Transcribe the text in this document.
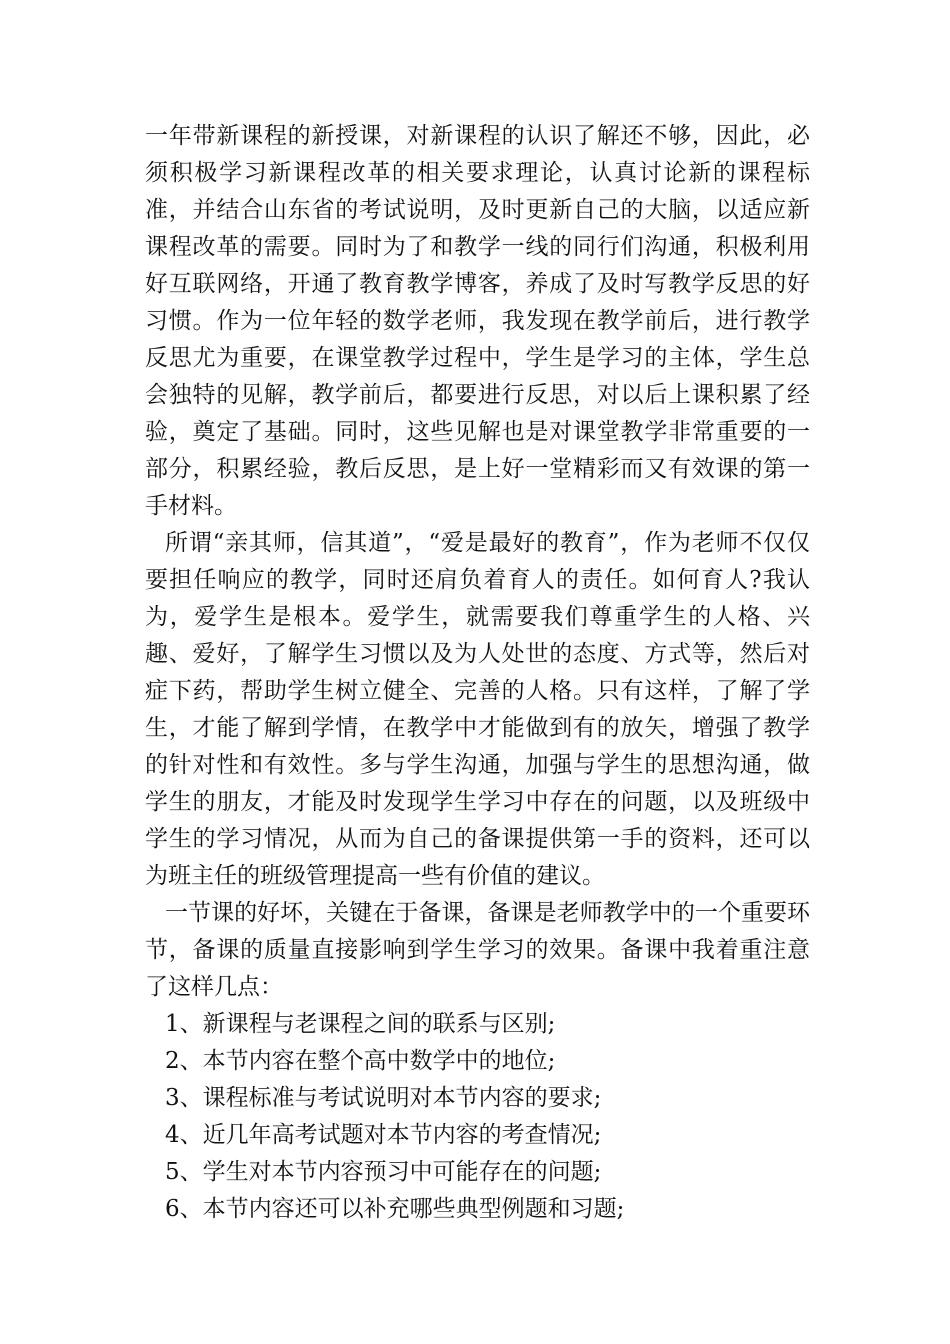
一年带新课程的新授课，对新课程的认识了解还不够，因此，必须积极学习新课程改革的相关要求理论，认真讨论新的课程标准，并结合山东省的考试说明，及时更新自己的大脑，以适应新课程改革的需要。同时为了和教学一线的同行们沟通，积极利用好互联网络，开通了教育教学博客，养成了及时写教学反思的好习惯。作为一位年轻的数学老师，我发现在教学前后，进行教学反思尤为重要，在课堂教学过程中，学生是学习的主体，学生总会独特的见解，教学前后，都要进行反思，对以后上课积累了经验，奠定了基础。同时，这些见解也是对课堂教学非常重要的一部分，积累经验，教后反思，是上好一堂精彩而又有效课的第一手材料。

所谓“亲其师，信其道”，“爱是最好的教育”，作为老师不仅仅要担任响应的教学，同时还肩负着育人的责任。如何育人?我认为，爱学生是根本。爱学生，就需要我们尊重学生的人格、兴趣、爱好，了解学生习惯以及为人处世的态度、方式等，然后对症下药，帮助学生树立健全、完善的人格。只有这样，了解了学生，才能了解到学情，在教学中才能做到有的放矢，增强了教学的针对性和有效性。多与学生沟通，加强与学生的思想沟通，做学生的朋友，才能及时发现学生学习中存在的问题，以及班级中学生的学习情况，从而为自己的备课提供第一手的资料，还可以为班主任的班级管理提高一些有价值的建议。

一节课的好坏，关键在于备课，备课是老师教学中的一个重要环节，备课的质量直接影响到学生学习的效果。备课中我着重注意了这样几点：

1、新课程与老课程之间的联系与区别;
2、本节内容在整个高中数学中的地位;
3、课程标准与考试说明对本节内容的要求;
4、近几年高考试题对本节内容的考查情况;
5、学生对本节内容预习中可能存在的问题;
6、本节内容还可以补充哪些典型例题和习题;
